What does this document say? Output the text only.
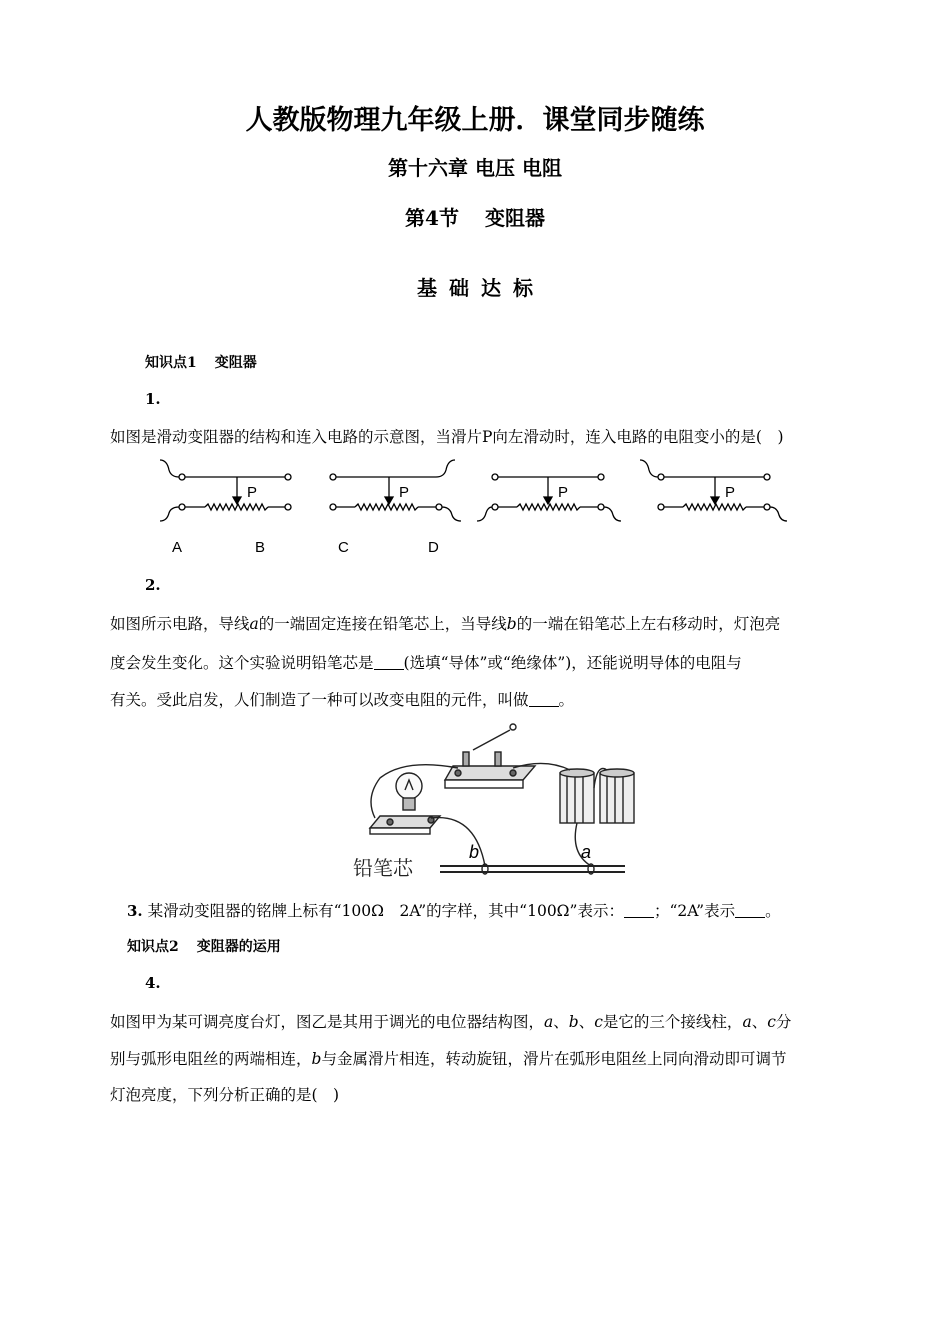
人教版物理九年级上册．课堂同步随练
第十六章 电压 电阻
第4节 变阻器
基础达标
知识点1 变阻器
1.
如图是滑动变阻器的结构和连入电路的示意图，当滑片P向左滑动时，连入电路的电阻变小的是(　)
P	P	P	P
A	B	C	D
2.
如图所示电路，导线a的一端固定连接在铅笔芯上，当导线b的一端在铅笔芯上左右移动时，灯泡亮
度会发生变化。这个实验说明铅笔芯是 (选填“导体”或“绝缘体”)，还能说明导体的电阻与
有关。受此启发，人们制造了一种可以改变电阻的元件，叫做 。
铅笔芯
b	a
3. 某滑动变阻器的铭牌上标有“100Ω　2A”的字样，其中“100Ω”表示： ；“2A”表示 。
知识点2 变阻器的运用
4.
如图甲为某可调亮度台灯，图乙是其用于调光的电位器结构图，a、b、c是它的三个接线柱，a、c分
别与弧形电阻丝的两端相连，b与金属滑片相连，转动旋钮，滑片在弧形电阻丝上同向滑动即可调节
灯泡亮度，下列分析正确的是(　)
